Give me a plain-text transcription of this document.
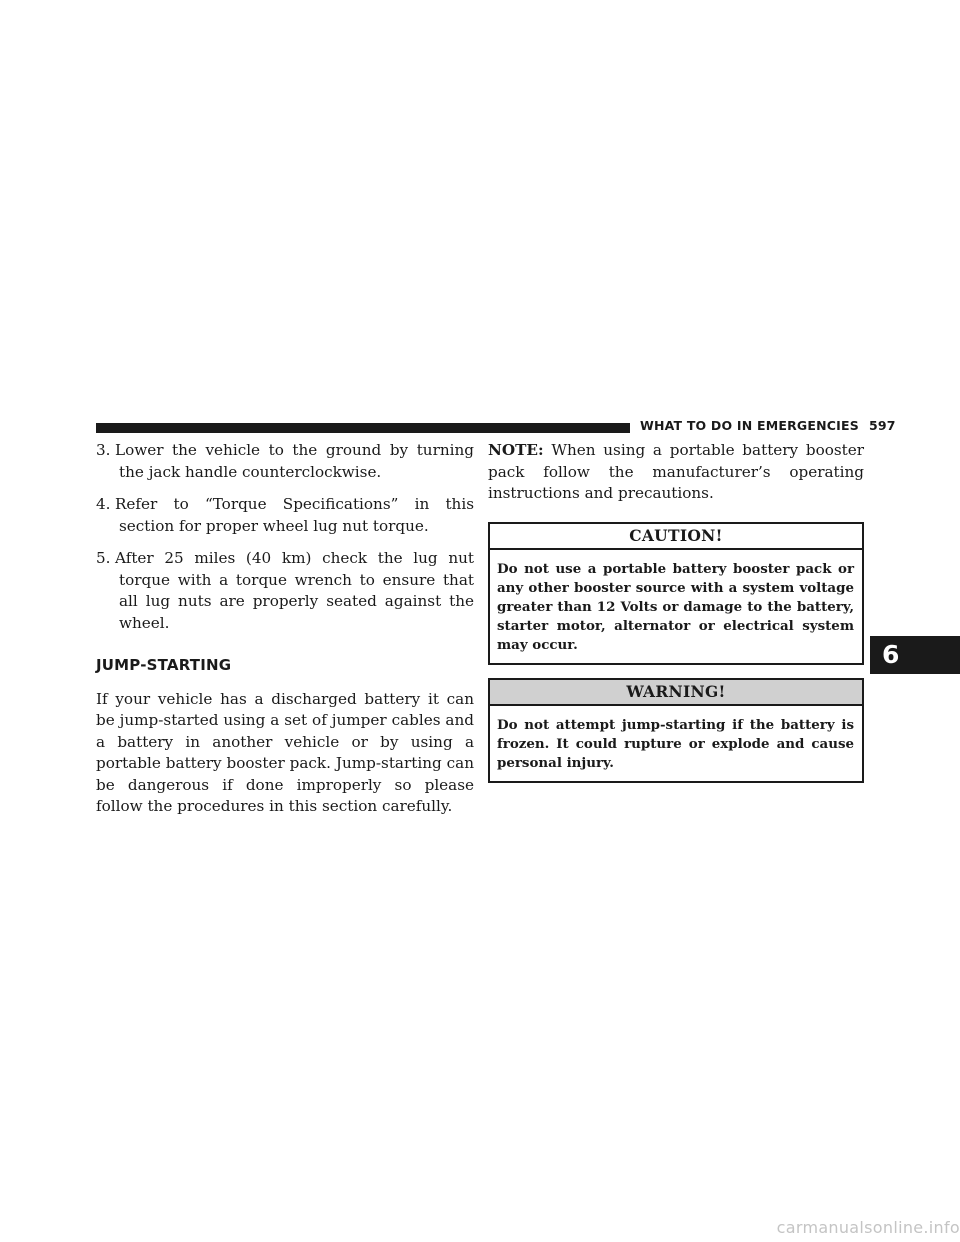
WHAT TO DO IN EMERGENCIES 597

3. Lower the vehicle to the ground by turning the jack handle counterclockwise.

4. Refer to “Torque Specifications” in this section for proper wheel lug nut torque.

5. After 25 miles (40 km) check the lug nut torque with a torque wrench to ensure that all lug nuts are properly seated against the wheel.

JUMP-STARTING

If your vehicle has a discharged battery it can be jump-started using a set of jumper cables and a battery in another vehicle or by using a portable battery booster pack. Jump-starting can be dangerous if done improperly so please follow the procedures in this section carefully.

NOTE: When using a portable battery booster pack follow the manufacturer’s operating instructions and precautions.

CAUTION!
Do not use a portable battery booster pack or any other booster source with a system voltage greater than 12 Volts or damage to the battery, starter motor, alternator or electrical system may occur.
WARNING!
Do not attempt jump-starting if the battery is frozen. It could rupture or explode and cause personal injury.
6
carmanualsonline.info
